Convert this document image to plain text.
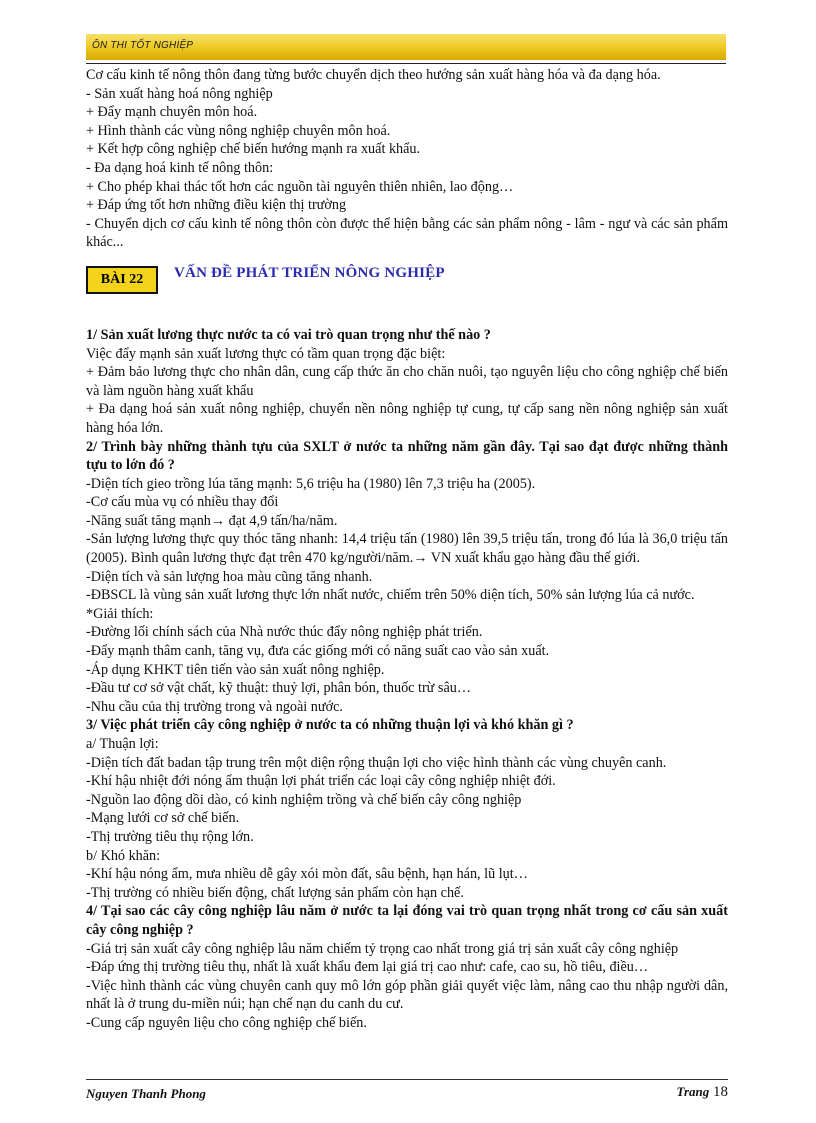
ÔN THI TỐT NGHIỆP
Cơ cấu kinh tế nông thôn đang từng bước chuyển dịch theo hướng sản xuất hàng hóa và đa dạng hóa.
- Sản xuất hàng hoá nông nghiệp
+ Đẩy mạnh chuyên môn hoá.
+ Hình thành các vùng nông nghiệp chuyên môn hoá.
+ Kết hợp công nghiệp chế biến hướng mạnh ra xuất khẩu.
- Đa dạng hoá kinh tế nông thôn:
+ Cho phép khai thác tốt hơn các nguồn tài nguyên thiên nhiên, lao động…
+ Đáp ứng tốt hơn những điều kiện thị trường
- Chuyển dịch cơ cấu kinh tế nông thôn còn được thể hiện bằng các sản phẩm nông - lâm - ngư và các sản phẩm khác...
BÀI 22	VẤN ĐỀ PHÁT TRIỂN NÔNG NGHIỆP
1/ Sản xuất lương thực nước ta có vai trò quan trọng như thế nào ?
Việc đẩy mạnh sản xuất lương thực có tầm quan trọng đặc biệt:
+ Đảm bảo lương thực cho nhân dân, cung cấp thức ăn cho chăn nuôi, tạo nguyên liệu cho công nghiệp chế biến và làm nguồn hàng xuất khẩu
+ Đa dạng hoá sản xuất nông nghiệp, chuyển nền nông nghiệp tự cung, tự cấp sang nền nông nghiệp sản xuất hàng hóa lớn.
2/ Trình bày những thành tựu của SXLT ở nước ta những năm gần đây. Tại sao đạt được những thành tựu to lớn đó ?
-Diện tích gieo trồng lúa tăng mạnh: 5,6 triệu ha (1980) lên 7,3 triệu ha (2005).
-Cơ cấu mùa vụ có nhiều thay đổi
-Năng suất tăng mạnh→ đạt 4,9 tấn/ha/năm.
-Sản lượng lương thực quy thóc tăng nhanh: 14,4 triệu tấn (1980) lên 39,5 triệu tấn, trong đó lúa là 36,0 triệu tấn (2005). Bình quân lương thực đạt trên 470 kg/người/năm.→ VN xuất khẩu gạo hàng đầu thế giới.
-Diện tích và sản lượng hoa màu cũng tăng nhanh.
-ĐBSCL là vùng sản xuất lương thực lớn nhất nước, chiếm trên 50% diện tích, 50% sản lượng lúa cả nước.
*Giải thích:
-Đường lối chính sách của Nhà nước thúc đẩy nông nghiệp phát triển.
-Đẩy mạnh thâm canh, tăng vụ, đưa các giống mới có năng suất cao vào sản xuất.
-Áp dụng KHKT tiên tiến vào sản xuất nông nghiệp.
-Đầu tư cơ sở vật chất, kỹ thuật: thuỷ lợi, phân bón, thuốc trừ sâu…
-Nhu cầu của thị trường trong và ngoài nước.
3/ Việc phát triển cây công nghiệp ở nước ta có những thuận lợi và khó khăn gì ?
a/ Thuận lợi:
-Diện tích đất badan tập trung trên một diện rộng thuận lợi cho việc hình thành các vùng chuyên canh.
-Khí hậu nhiệt đới nóng ẩm thuận lợi phát triển các loại cây công nghiệp nhiệt đới.
-Nguồn lao động dồi dào, có kinh nghiệm trồng và chế biến cây công nghiệp
-Mạng lưới cơ sở chế biến.
-Thị trường tiêu thụ rộng lớn.
b/ Khó khăn:
-Khí hậu nóng ẩm, mưa nhiều dễ gây xói mòn đất, sâu bệnh, hạn hán, lũ lụt…
-Thị trường có nhiều biến động, chất lượng sản phẩm còn hạn chế.
4/ Tại sao các cây công nghiệp lâu năm ở nước ta lại đóng vai trò quan trọng nhất trong cơ cấu sản xuất cây công nghiệp ?
-Giá trị sản xuất cây công nghiệp lâu năm chiếm tỷ trọng cao nhất trong giá trị sản xuất cây công nghiệp
-Đáp ứng thị trường tiêu thụ, nhất là xuất khẩu đem lại giá trị cao như: cafe, cao su, hồ tiêu, điều…
-Việc hình thành các vùng chuyên canh quy mô lớn góp phần giải quyết việc làm, nâng cao thu nhập người dân, nhất là ở trung du-miền núi; hạn chế nạn du canh du cư.
-Cung cấp nguyên liệu cho công nghiệp chế biến.
Nguyen Thanh Phong	Trang 18
